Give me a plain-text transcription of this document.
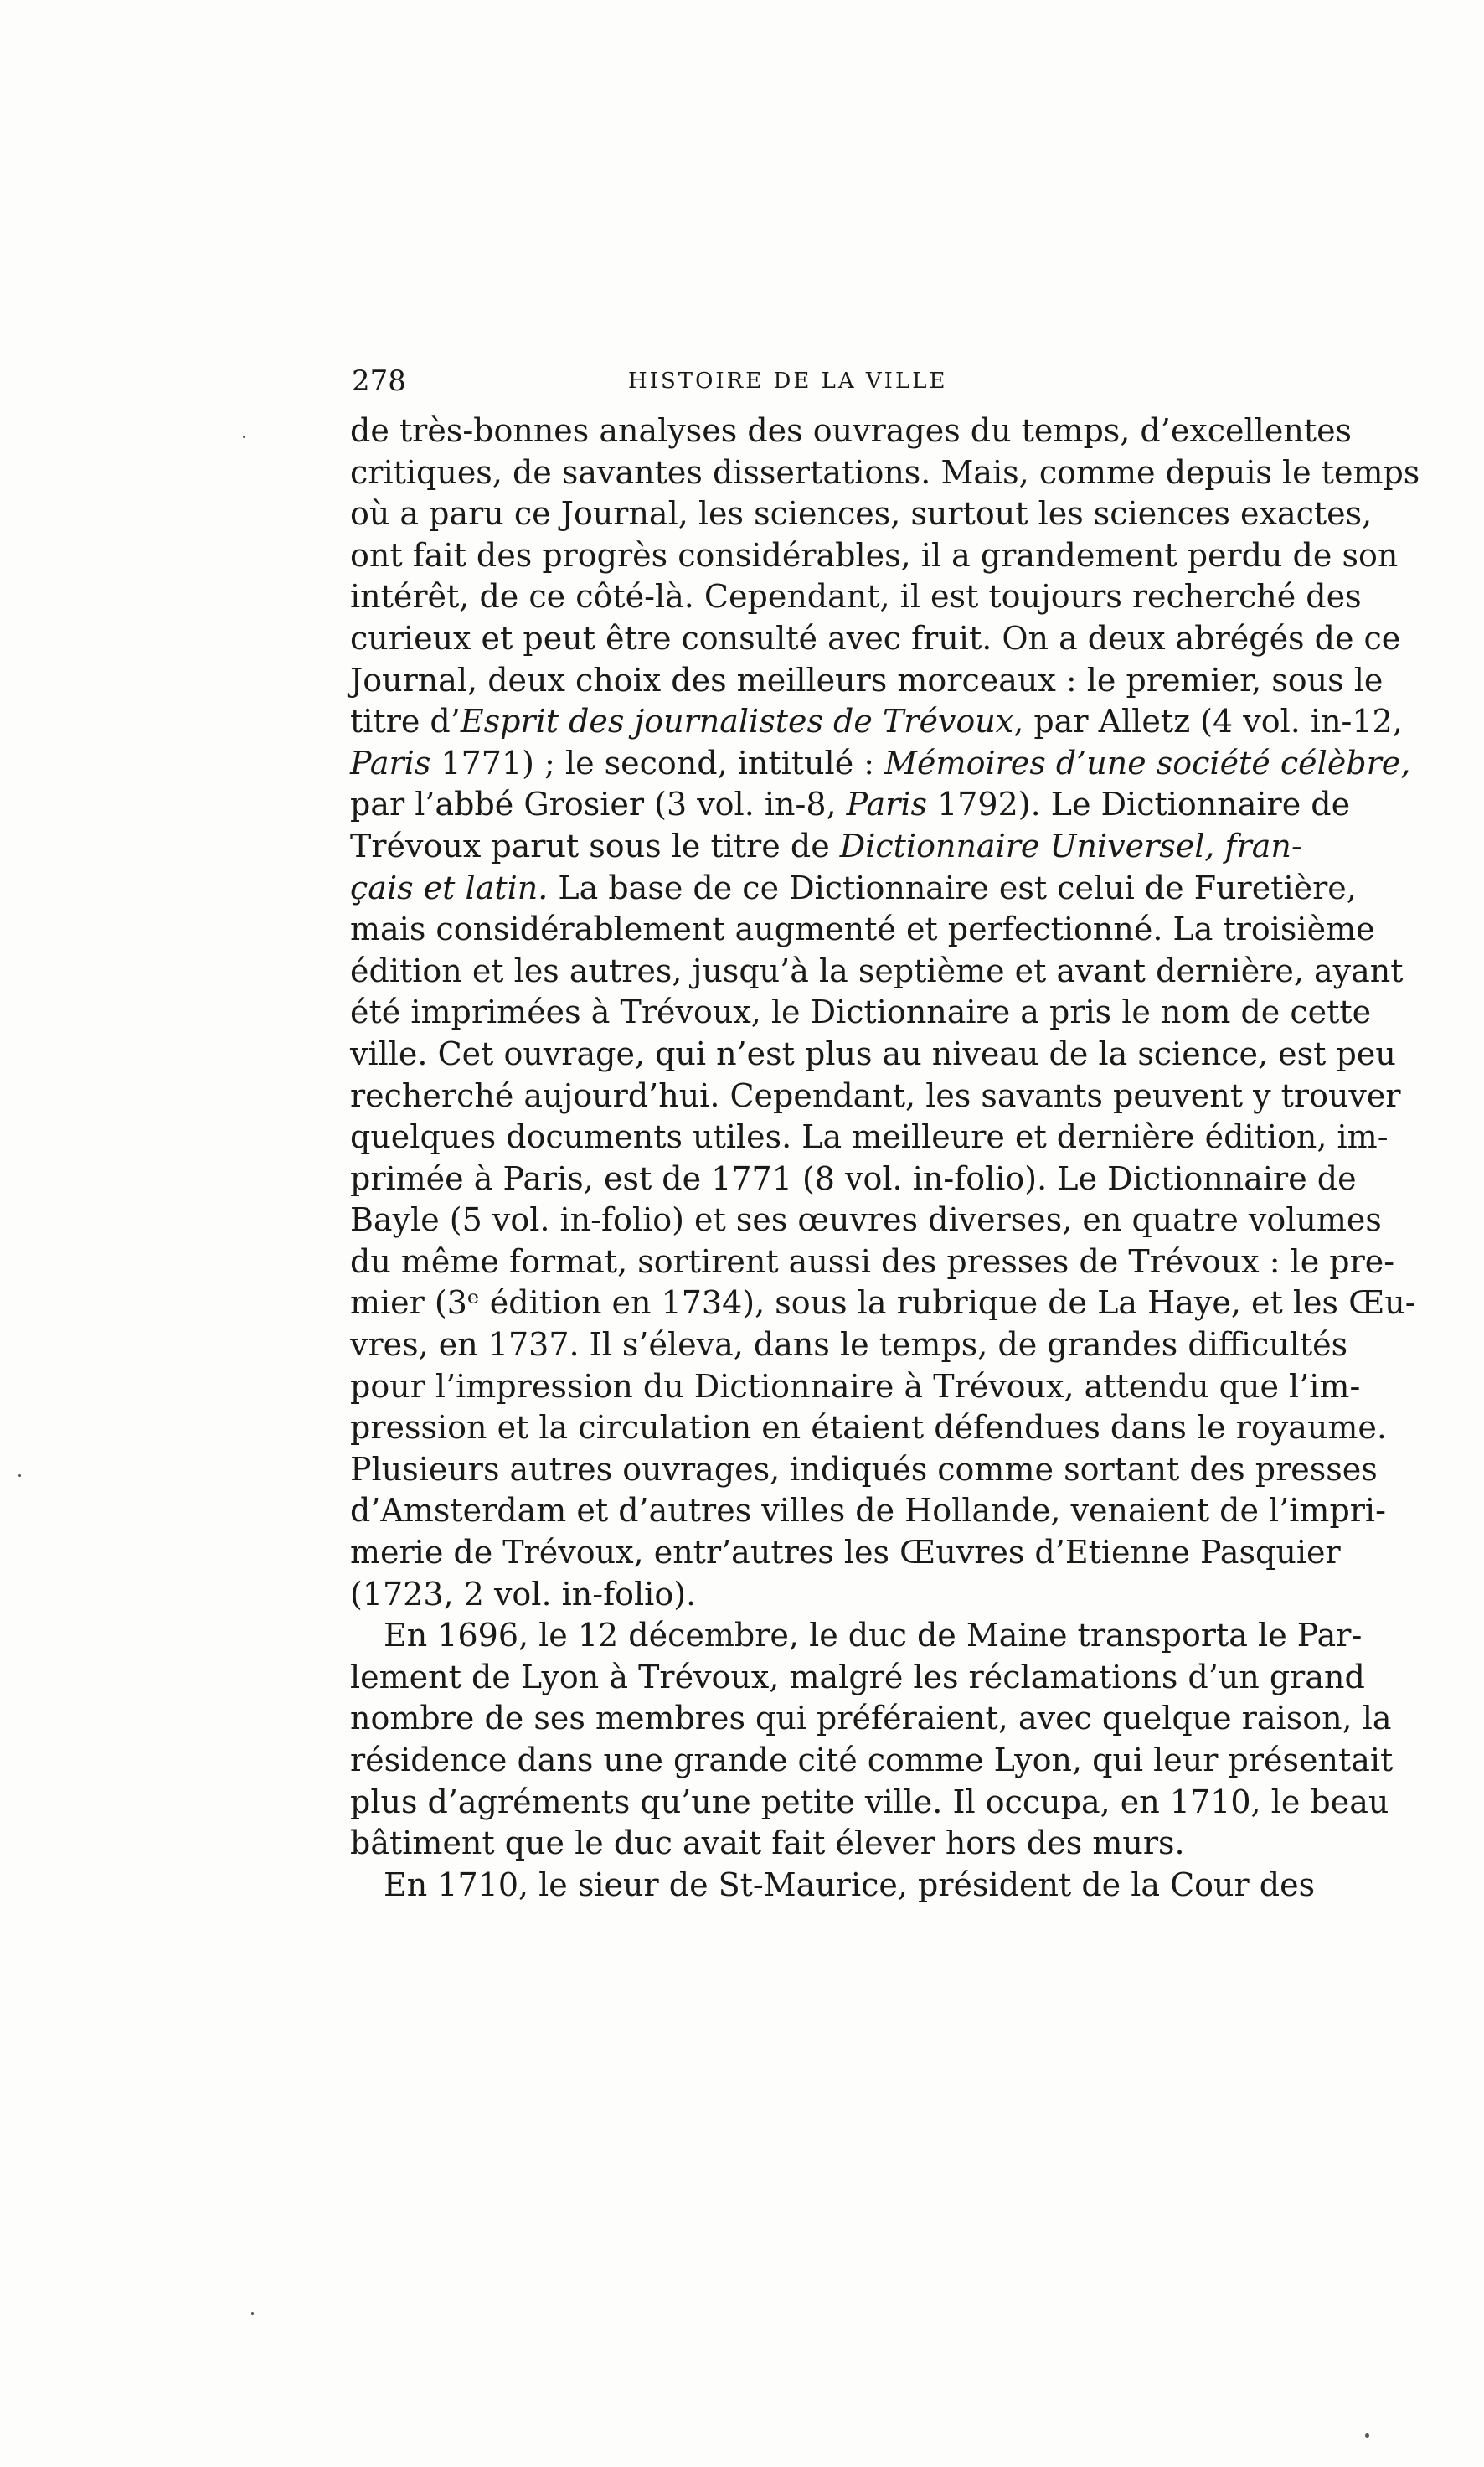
278	HISTOIRE DE LA VILLE
de très-bonnes analyses des ouvrages du temps, d’excellentes
critiques, de savantes dissertations. Mais, comme depuis le temps
où a paru ce Journal, les sciences, surtout les sciences exactes,
ont fait des progrès considérables, il a grandement perdu de son
intérêt, de ce côté-là. Cependant, il est toujours recherché des
curieux et peut être consulté avec fruit. On a deux abrégés de ce
Journal, deux choix des meilleurs morceaux : le premier, sous le
titre d’Esprit des journalistes de Trévoux, par Alletz (4 vol. in-12,
Paris 1771) ; le second, intitulé : Mémoires d’une société célèbre,
par l’abbé Grosier (3 vol. in-8, Paris 1792). Le Dictionnaire de
Trévoux parut sous le titre de Dictionnaire Universel, fran-
çais et latin. La base de ce Dictionnaire est celui de Furetière,
mais considérablement augmenté et perfectionné. La troisième
édition et les autres, jusqu’à la septième et avant dernière, ayant
été imprimées à Trévoux, le Dictionnaire a pris le nom de cette
ville. Cet ouvrage, qui n’est plus au niveau de la science, est peu
recherché aujourd’hui. Cependant, les savants peuvent y trouver
quelques documents utiles. La meilleure et dernière édition, im-
primée à Paris, est de 1771 (8 vol. in-folio). Le Dictionnaire de
Bayle (5 vol. in-folio) et ses œuvres diverses, en quatre volumes
du même format, sortirent aussi des presses de Trévoux : le pre-
mier (3ᵉ édition en 1734), sous la rubrique de La Haye, et les Œu-
vres, en 1737. Il s’éleva, dans le temps, de grandes difficultés
pour l’impression du Dictionnaire à Trévoux, attendu que l’im-
pression et la circulation en étaient défendues dans le royaume.
Plusieurs autres ouvrages, indiqués comme sortant des presses
d’Amsterdam et d’autres villes de Hollande, venaient de l’impri-
merie de Trévoux, entr’autres les Œuvres d’Etienne Pasquier
(1723, 2 vol. in-folio).
En 1696, le 12 décembre, le duc de Maine transporta le Par-
lement de Lyon à Trévoux, malgré les réclamations d’un grand
nombre de ses membres qui préféraient, avec quelque raison, la
résidence dans une grande cité comme Lyon, qui leur présentait
plus d’agréments qu’une petite ville. Il occupa, en 1710, le beau
bâtiment que le duc avait fait élever hors des murs.
En 1710, le sieur de St-Maurice, président de la Cour des
